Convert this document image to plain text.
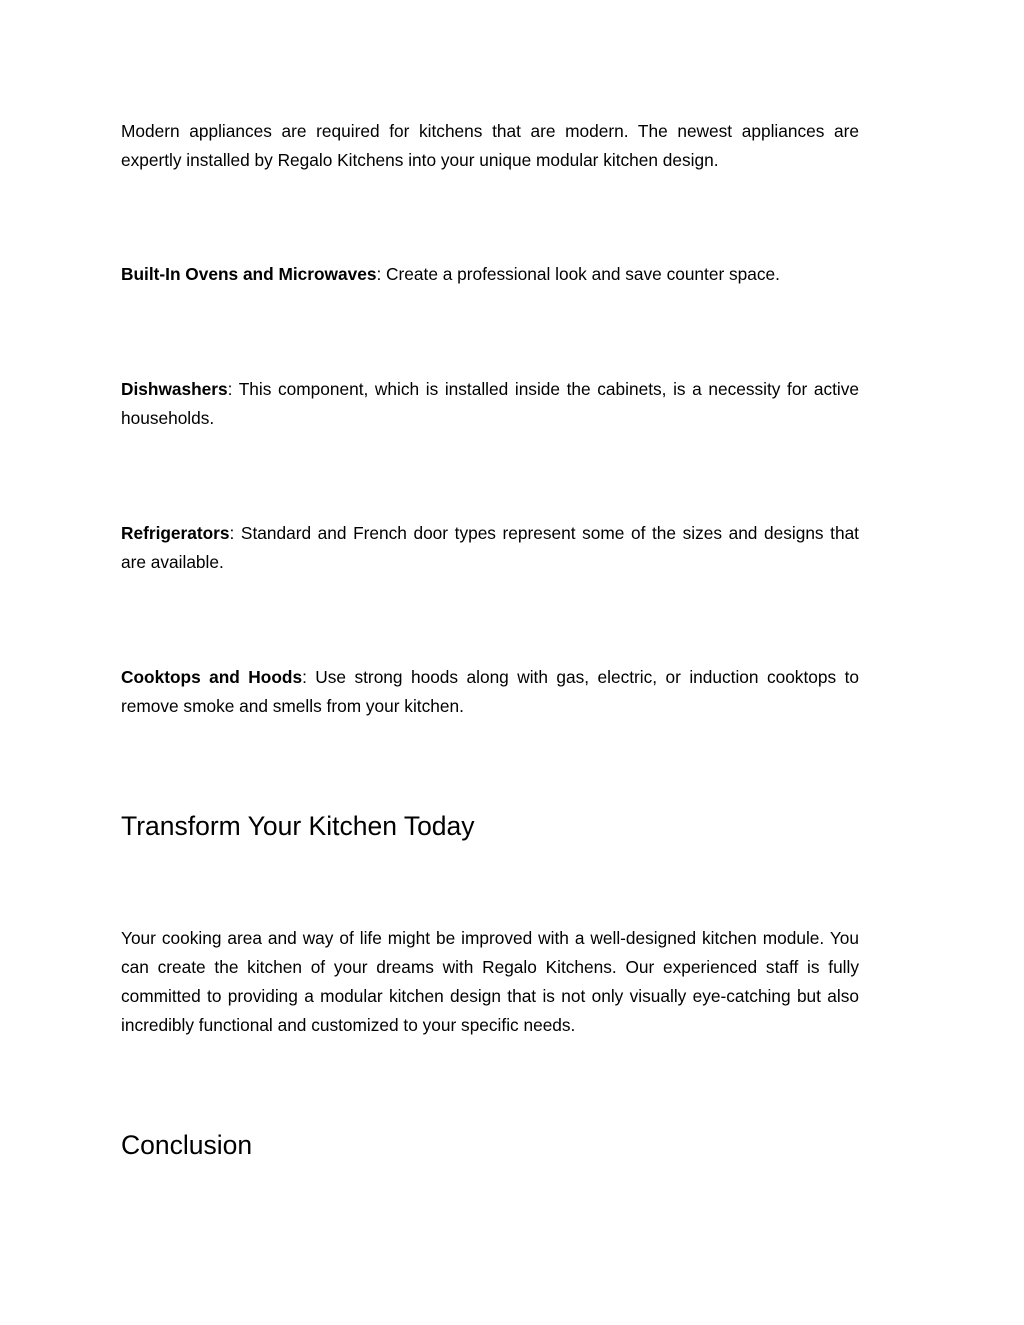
Modern appliances are required for kitchens that are modern. The newest appliances are expertly installed by Regalo Kitchens into your unique modular kitchen design.

Built-In Ovens and Microwaves: Create a professional look and save counter space.

Dishwashers: This component, which is installed inside the cabinets, is a necessity for active households.

Refrigerators: Standard and French door types represent some of the sizes and designs that are available.

Cooktops and Hoods: Use strong hoods along with gas, electric, or induction cooktops to remove smoke and smells from your kitchen.

Transform Your Kitchen Today

Your cooking area and way of life might be improved with a well-designed kitchen module. You can create the kitchen of your dreams with Regalo Kitchens. Our experienced staff is fully committed to providing a modular kitchen design that is not only visually eye-catching but also incredibly functional and customized to your specific needs.

Conclusion
